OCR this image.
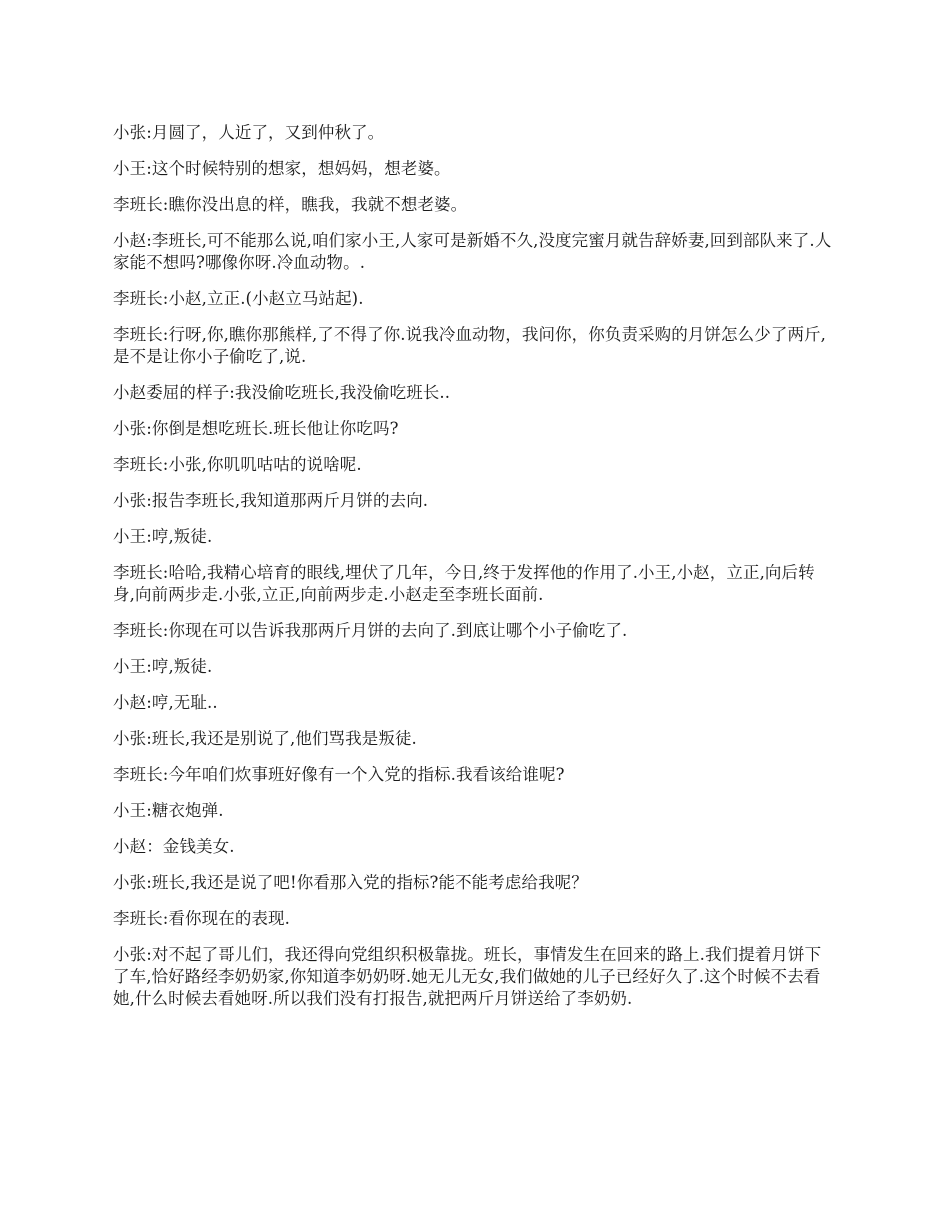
小张:月圆了，人近了，又到仲秋了。

小王:这个时候特别的想家，想妈妈，想老婆。

李班长:瞧你没出息的样，瞧我，我就不想老婆。

小赵:李班长,可不能那么说,咱们家小王,人家可是新婚不久,没度完蜜月就告辞娇妻,回到部队来了.人家能不想吗?哪像你呀.冷血动物。.

李班长:小赵,立正.(小赵立马站起).

李班长:行呀,你,瞧你那熊样,了不得了你.说我冷血动物，我问你，你负责采购的月饼怎么少了两斤,是不是让你小子偷吃了,说.

小赵委屈的样子:我没偷吃班长,我没偷吃班长..

小张:你倒是想吃班长.班长他让你吃吗?

李班长:小张,你叽叽咕咕的说啥呢.

小张:报告李班长,我知道那两斤月饼的去向.

小王:哼,叛徒.

李班长:哈哈,我精心培育的眼线,埋伏了几年，今日,终于发挥他的作用了.小王,小赵，立正,向后转身,向前两步走.小张,立正,向前两步走.小赵走至李班长面前.

李班长:你现在可以告诉我那两斤月饼的去向了.到底让哪个小子偷吃了.

小王:哼,叛徒.

小赵:哼,无耻..

小张:班长,我还是别说了,他们骂我是叛徒.

李班长:今年咱们炊事班好像有一个入党的指标.我看该给谁呢?

小王:糖衣炮弹.

小赵：金钱美女.

小张:班长,我还是说了吧!你看那入党的指标?能不能考虑给我呢？

李班长:看你现在的表现.

小张:对不起了哥儿们，我还得向党组织积极靠拢。班长，事情发生在回来的路上.我们提着月饼下了车,恰好路经李奶奶家,你知道李奶奶呀.她无儿无女,我们做她的儿子已经好久了.这个时候不去看她,什么时候去看她呀.所以我们没有打报告,就把两斤月饼送给了李奶奶.
